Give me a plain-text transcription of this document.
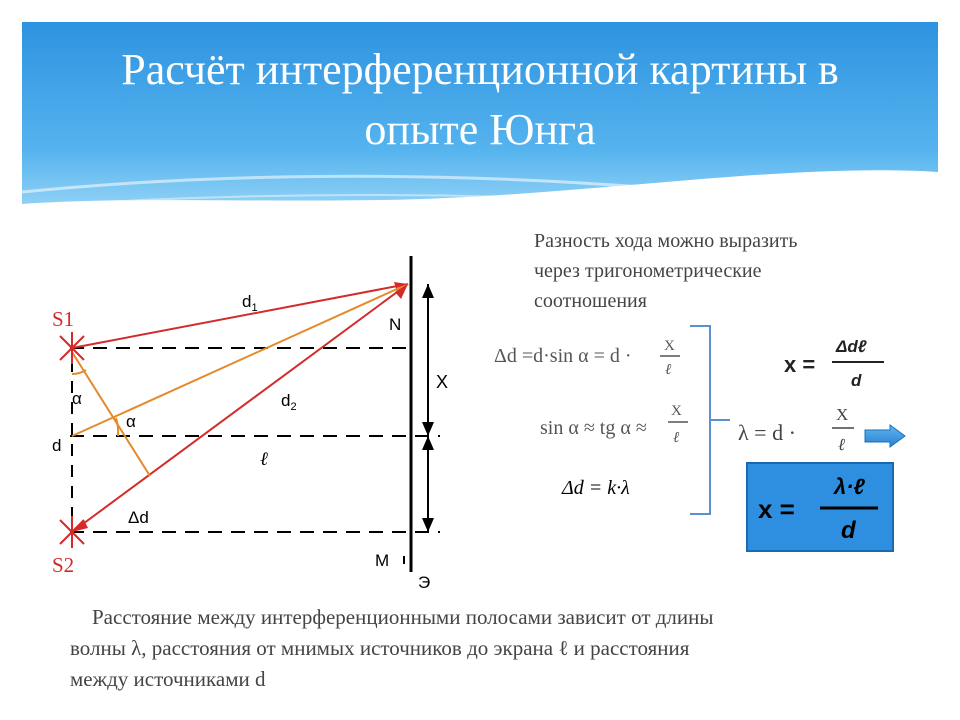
Расчёт интерференционной картины в опыте Юнга
Разность хода можно выразить
через тригонометрические
соотношения
S1
S2
$d_1$
$d_2$
N
M
X
α
α
d
ℓ
Δd
Э
Δd =d·sin α = d · X
ℓ
sin α ≈ tg α ≈
X
ℓ
Δd = k·λ
x =
Δdℓ
d
λ = d ·
X
ℓ
x =
λ·ℓ
d
Расстояние между интерференционными полосами зависит от длины
волны λ, расстояния от мнимых источников до экрана ℓ и расстояния
между источниками d
